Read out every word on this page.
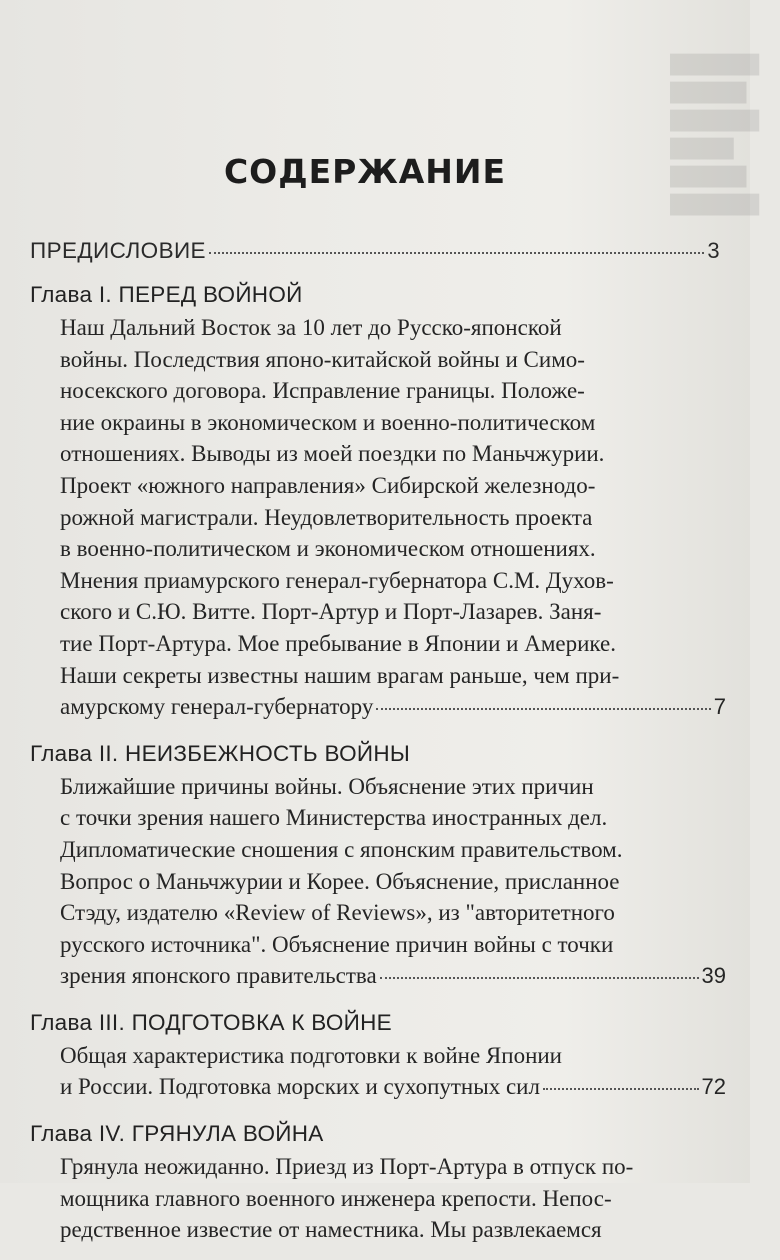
███████
██████
███████
█████
██████
███████
СОДЕРЖАНИЕ
ПРЕДИСЛОВИЕ	3
Глава I. ПЕРЕД ВОЙНОЙ
Наш Дальний Восток за 10 лет до Русско-японской
войны. Последствия японо-китайской войны и Симо-
носекского договора. Исправление границы. Положе-
ние окраины в экономическом и военно-политическом
отношениях. Выводы из моей поездки по Маньчжурии.
Проект «южного направления» Сибирской железнодо-
рожной магистрали. Неудовлетворительность проекта
в военно-политическом и экономическом отношениях.
Мнения приамурского генерал-губернатора С.М. Духов-
ского и С.Ю. Витте. Порт-Артур и Порт-Лазарев. Заня-
тие Порт-Артура. Мое пребывание в Японии и Америке.
Наши секреты известны нашим врагам раньше, чем при-
амурскому генерал-губернатору	7
Глава II. НЕИЗБЕЖНОСТЬ ВОЙНЫ
Ближайшие причины войны. Объяснение этих причин
с точки зрения нашего Министерства иностранных дел.
Дипломатические сношения с японским правительством.
Вопрос о Маньчжурии и Корее. Объяснение, присланное
Стэду, издателю «Review of Reviews», из "авторитетного
русского источника". Объяснение причин войны с точки
зрения японского правительства	39
Глава III. ПОДГОТОВКА К ВОЙНЕ
Общая характеристика подготовки к войне Японии
и России. Подготовка морских и сухопутных сил	72
Глава IV. ГРЯНУЛА ВОЙНА
Грянула неожиданно. Приезд из Порт-Артура в отпуск по-
мощника главного военного инженера крепости. Непос-
редственное известие от наместника. Мы развлекаемся
